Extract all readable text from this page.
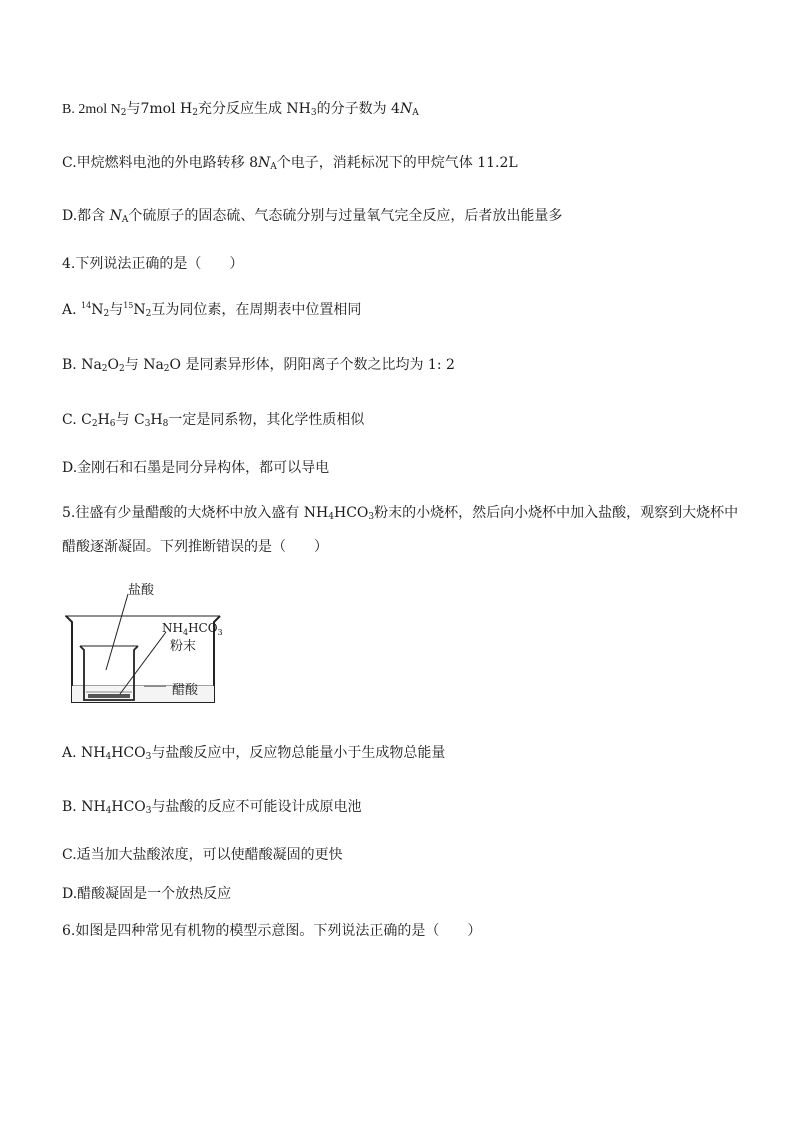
B. 2mol $N_2$与7mol $H_2$充分反应生成 $NH_3$的分子数为 $4N_A$
C.甲烷燃料电池的外电路转移 $8N_A$个电子，消耗标况下的甲烷气体 11.2L
D.都含 $N_A$个硫原子的固态硫、气态硫分别与过量氧气完全反应，后者放出能量多
4.下列说法正确的是（　　）
A. $^{14}N_2$与$^{15}N_2$互为同位素，在周期表中位置相同
B. $Na_2O_2$与 $Na_2O$ 是同素异形体，阴阳离子个数之比均为 1: 2
C. $C_2H_6$与 $C_3H_8$一定是同系物，其化学性质相似
D.金刚石和石墨是同分异构体，都可以导电
5.往盛有少量醋酸的大烧杯中放入盛有 $NH_4HCO_3$粉末的小烧杯，然后向小烧杯中加入盐酸，观察到大烧杯中
醋酸逐渐凝固。下列推断错误的是（　　）
盐酸
$NH_4HCO_3$
粉末
醋酸
A. $NH_4HCO_3$与盐酸反应中，反应物总能量小于生成物总能量
B. $NH_4HCO_3$与盐酸的反应不可能设计成原电池
C.适当加大盐酸浓度，可以使醋酸凝固的更快
D.醋酸凝固是一个放热反应
6.如图是四种常见有机物的模型示意图。下列说法正确的是（　　）
